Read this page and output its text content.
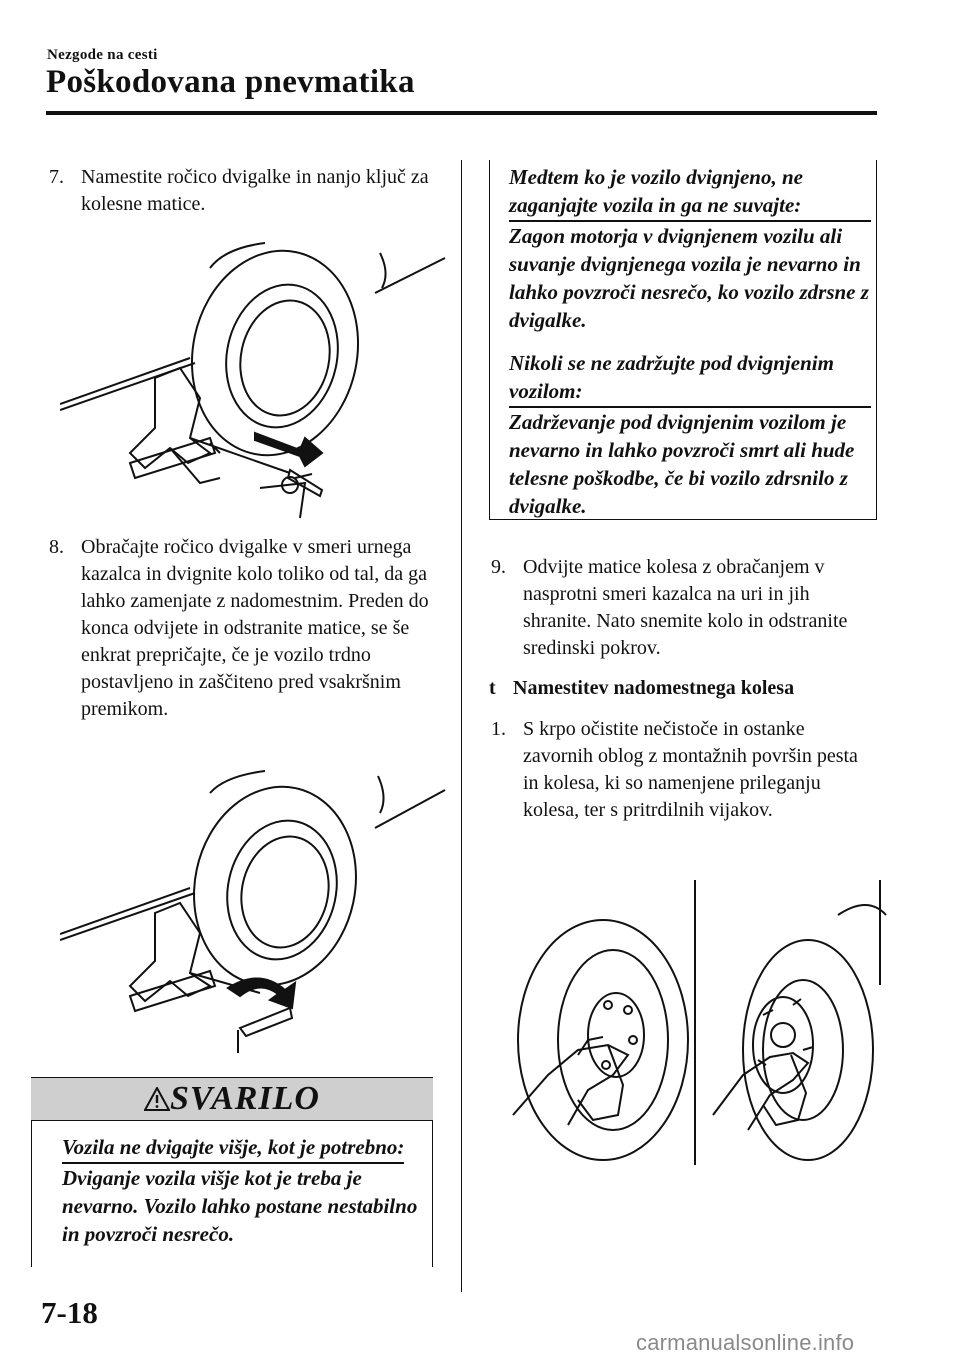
Nezgode na cesti
Poškodovana pnevmatika
7. Namestite ročico dvigalke in nanjo ključ za kolesne matice.
8. Obračajte ročico dvigalke v smeri urnega kazalca in dvignite kolo toliko od tal, da ga lahko zamenjate z nadomestnim. Preden do konca odvijete in odstranite matice, se še enkrat prepričajte, če je vozilo trdno postavljeno in zaščiteno pred vsakršnim premikom.
SVARILO
Vozila ne dvigajte višje, kot je potrebno:
Dviganje vozila višje kot je treba je nevarno. Vozilo lahko postane nestabilno in povzroči nesrečo.
Medtem ko je vozilo dvignjeno, ne zaganjajte vozila in ga ne suvajte:
Zagon motorja v dvignjenem vozilu ali suvanje dvignjenega vozila je nevarno in lahko povzroči nesrečo, ko vozilo zdrsne z dvigalke.
Nikoli se ne zadržujte pod dvignjenim vozilom:
Zadrževanje pod dvignjenim vozilom je nevarno in lahko povzroči smrt ali hude telesne poškodbe, če bi vozilo zdrsnilo z dvigalke.
9. Odvijte matice kolesa z obračanjem v nasprotni smeri kazalca na uri in jih shranite. Nato snemite kolo in odstranite sredinski pokrov.
t Namestitev nadomestnega kolesa
1. S krpo očistite nečistoče in ostanke zavornih oblog z montažnih površin pesta in kolesa, ki so namenjene prileganju kolesa, ter s pritrdilnih vijakov.
7-18
carmanualsonline.info
